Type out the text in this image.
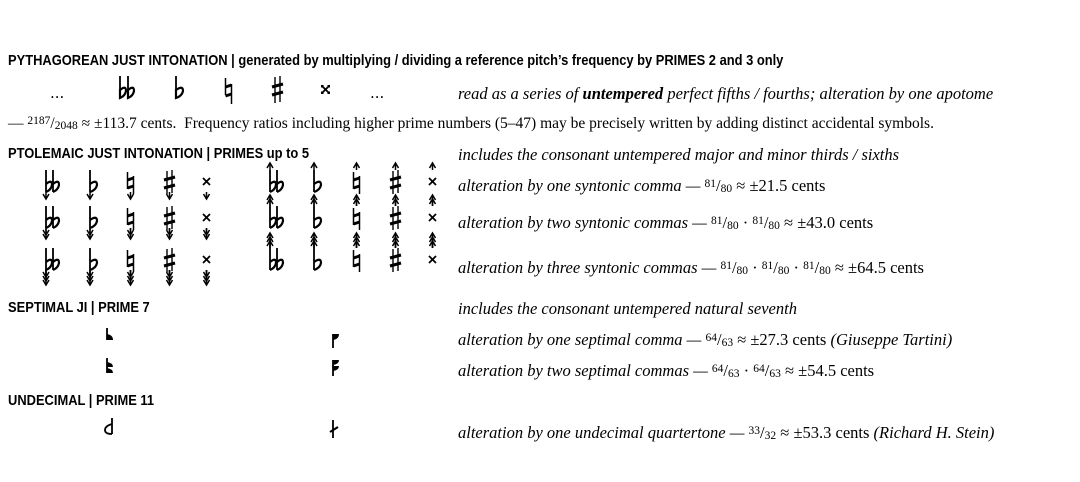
PYTHAGOREAN JUST INTONATION | generated by multiplying / dividing a reference pitch’s frequency by PRIMES 2 and 3 only
...	...	read as a series of untempered perfect fifths / fourths; alteration by one apotome
— $^{2187}$/2048 ≈ ±113.7 cents. Frequency ratios including higher prime numbers (5–47) may be precisely written by adding distinct accidental symbols.
PTOLEMAIC JUST INTONATION | PRIMES up to 5	includes the consonant untempered major and minor thirds / sixths
alteration by one syntonic comma — $^{81}$/80 ≈ ±21.5 cents
alteration by two syntonic commas — $^{81}$/80 · $^{81}$/80 ≈ ±43.0 cents
alteration by three syntonic commas — $^{81}$/80 · $^{81}$/80 · $^{81}$/80 ≈ ±64.5 cents
SEPTIMAL JI | PRIME 7	includes the consonant untempered natural seventh
alteration by one septimal comma — $^{64}$/63 ≈ ±27.3 cents (Giuseppe Tartini)
alteration by two septimal commas — $^{64}$/63 · $^{64}$/63 ≈ ±54.5 cents
UNDECIMAL | PRIME 11
alteration by one undecimal quartertone — $^{33}$/32 ≈ ±53.3 cents (Richard H. Stein)
